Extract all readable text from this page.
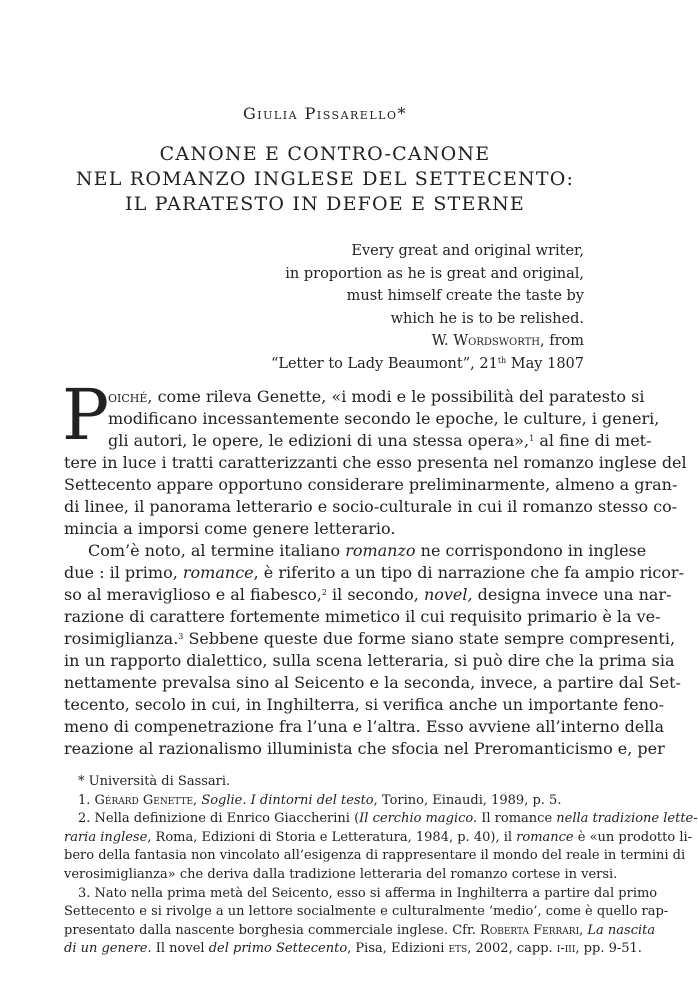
Giulia Pissarello*
CANONE E CONTRO-CANONE
NEL ROMANZO INGLESE DEL SETTECENTO:
IL PARATESTO IN DEFOE E STERNE
Every great and original writer,
in proportion as he is great and original,
must himself create the taste by
which he is to be relished.
W. Wordsworth, from
“Letter to Lady Beaumont”, 21th May 1807
P
oiché, come rileva Genette, «i modi e le possibilità del paratesto si
modificano incessantemente secondo le epoche, le culture, i generi,
gli autori, le opere, le edizioni di una stessa opera»,$^1$ al fine di met-
tere in luce i tratti caratterizzanti che esso presenta nel romanzo inglese del
Settecento appare opportuno considerare preliminarmente, almeno a gran-
di linee, il panorama letterario e socio-culturale in cui il romanzo stesso co-
mincia a imporsi come genere letterario.
Com’è noto, al termine italiano romanzo ne corrispondono in inglese
due : il primo, romance, è riferito a un tipo di narrazione che fa ampio ricor-
so al meraviglioso e al fiabesco,$^2$ il secondo, novel, designa invece una nar-
razione di carattere fortemente mimetico il cui requisito primario è la ve-
rosimiglianza.$^3$ Sebbene queste due forme siano state sempre compresenti,
in un rapporto dialettico, sulla scena letteraria, si può dire che la prima sia
nettamente prevalsa sino al Seicento e la seconda, invece, a partire dal Set-
tecento, secolo in cui, in Inghilterra, si verifica anche un importante feno-
meno di compenetrazione fra l’una e l’altra. Esso avviene all’interno della
reazione al razionalismo illuminista che sfocia nel Preromanticismo e, per
* Università di Sassari.
1. Gérard Genette, Soglie. I dintorni del testo, Torino, Einaudi, 1989, p. 5.
2. Nella definizione di Enrico Giaccherini (Il cerchio magico. Il romance nella tradizione lette-
raria inglese, Roma, Edizioni di Storia e Letteratura, 1984, p. 40), il romance è «un prodotto li-
bero della fantasia non vincolato all’esigenza di rappresentare il mondo del reale in termini di
verosimiglianza» che deriva dalla tradizione letteraria del romanzo cortese in versi.
3. Nato nella prima metà del Seicento, esso si afferma in Inghilterra a partire dal primo
Settecento e si rivolge a un lettore socialmente e culturalmente ‘medio’, come è quello rap-
presentato dalla nascente borghesia commerciale inglese. Cfr. Roberta Ferrari, La nascita
di un genere. Il novel del primo Settecento, Pisa, Edizioni ets, 2002, capp. i-iii, pp. 9-51.
